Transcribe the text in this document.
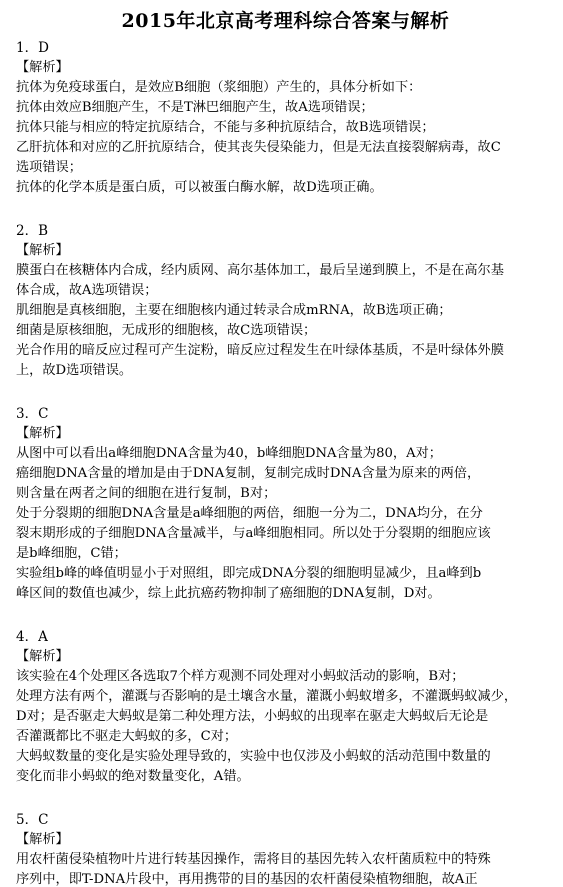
2015年北京高考理科综合答案与解析
1．D
【解析】
抗体为免疫球蛋白，是效应B细胞（浆细胞）产生的，具体分析如下：
抗体由效应B细胞产生，不是T淋巴细胞产生，故A选项错误；
抗体只能与相应的特定抗原结合，不能与多种抗原结合，故B选项错误；
乙肝抗体和对应的乙肝抗原结合，使其丧失侵染能力，但是无法直接裂解病毒，故C
选项错误；
抗体的化学本质是蛋白质，可以被蛋白酶水解，故D选项正确。
2．B
【解析】
膜蛋白在核糖体内合成，经内质网、高尔基体加工，最后呈递到膜上，不是在高尔基
体合成，故A选项错误；
肌细胞是真核细胞，主要在细胞核内通过转录合成mRNA，故B选项正确；
细菌是原核细胞，无成形的细胞核，故C选项错误；
光合作用的暗反应过程可产生淀粉，暗反应过程发生在叶绿体基质，不是叶绿体外膜
上，故D选项错误。
3．C
【解析】
从图中可以看出a峰细胞DNA含量为40，b峰细胞DNA含量为80，A对；
癌细胞DNA含量的增加是由于DNA复制，复制完成时DNA含量为原来的两倍，
则含量在两者之间的细胞在进行复制，B对；
处于分裂期的细胞DNA含量是a峰细胞的两倍，细胞一分为二，DNA均分，在分
裂末期形成的子细胞DNA含量减半，与a峰细胞相同。所以处于分裂期的细胞应该
是b峰细胞，C错；
实验组b峰的峰值明显小于对照组，即完成DNA分裂的细胞明显减少，且a峰到b
峰区间的数值也减少，综上此抗癌药物抑制了癌细胞的DNA复制，D对。
4．A
【解析】
该实验在4个处理区各选取7个样方观测不同处理对小蚂蚁活动的影响，B对；
处理方法有两个，灌溉与否影响的是土壤含水量，灌溉小蚂蚁增多，不灌溉蚂蚁减少，
D对；是否驱走大蚂蚁是第二种处理方法，小蚂蚁的出现率在驱走大蚂蚁后无论是
否灌溉都比不驱走大蚂蚁的多，C对；
大蚂蚁数量的变化是实验处理导致的，实验中也仅涉及小蚂蚁的活动范围中数量的
变化而非小蚂蚁的绝对数量变化，A错。
5．C
【解析】
用农杆菌侵染植物叶片进行转基因操作，需将目的基因先转入农杆菌质粒中的特殊
序列中，即T-DNA片段中，再用携带的目的基因的农杆菌侵染植物细胞，故A正
